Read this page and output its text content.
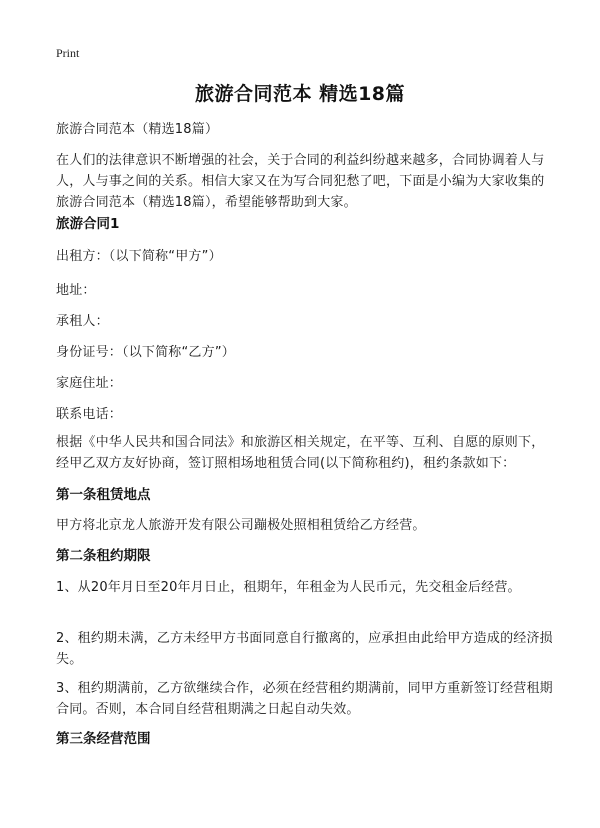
Print
旅游合同范本 精选18篇
旅游合同范本（精选18篇）
在人们的法律意识不断增强的社会，关于合同的利益纠纷越来越多，合同协调着人与人，人与事之间的关系。相信大家又在为写合同犯愁了吧，下面是小编为大家收集的旅游合同范本（精选18篇），希望能够帮助到大家。
旅游合同1
出租方：（以下简称“甲方”）
地址：
承租人：
身份证号：（以下简称“乙方”）
家庭住址：
联系电话：
根据《中华人民共和国合同法》和旅游区相关规定，在平等、互利、自愿的原则下，经甲乙双方友好协商，签订照相场地租赁合同(以下简称租约)，租约条款如下：
第一条租赁地点
甲方将北京龙人旅游开发有限公司蹦极处照相租赁给乙方经营。
第二条租约期限
1、从20年月日至20年月日止，租期年，年租金为人民币元，先交租金后经营。
2、租约期未满，乙方未经甲方书面同意自行撤离的，应承担由此给甲方造成的经济损失。
3、租约期满前，乙方欲继续合作，必须在经营租约期满前，同甲方重新签订经营租期合同。否则，本合同自经营租期满之日起自动失效。
第三条经营范围
